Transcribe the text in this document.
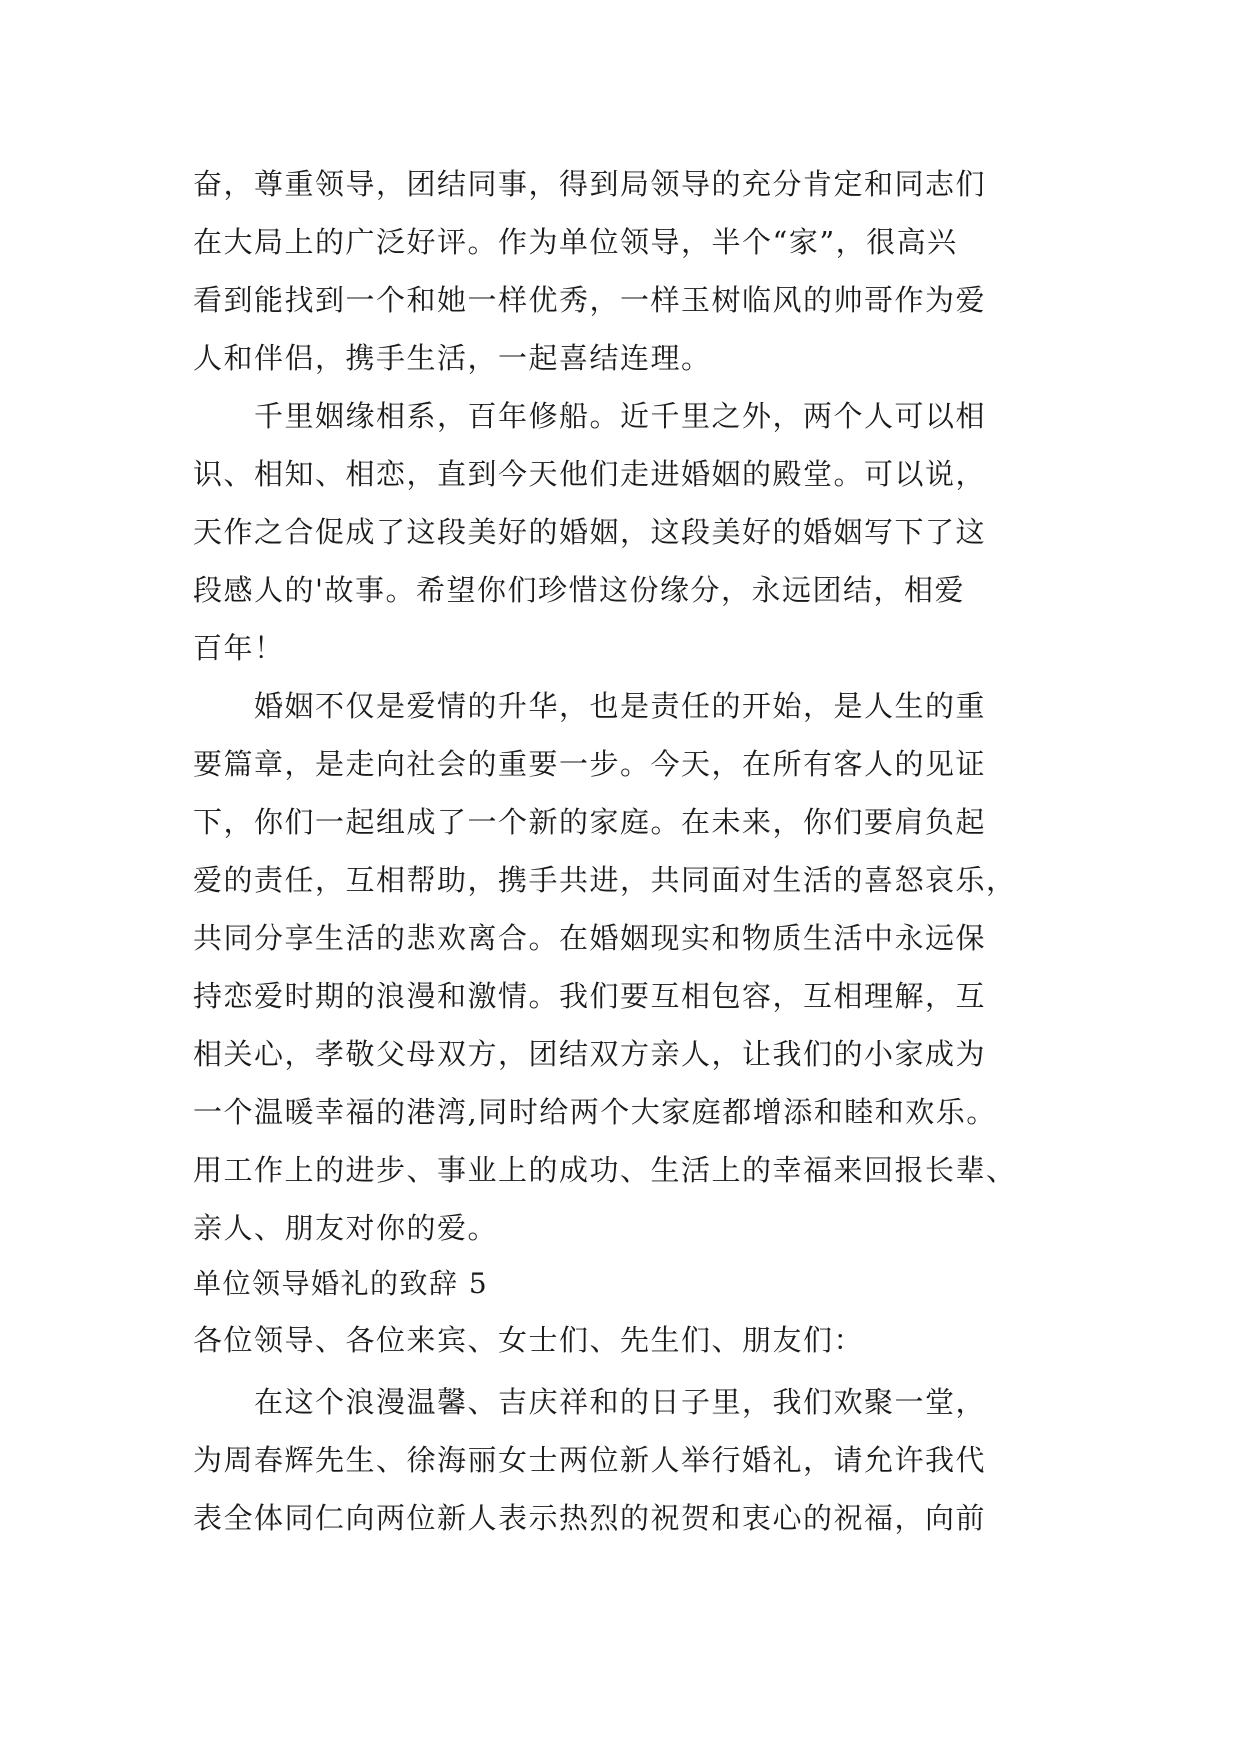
奋，尊重领导，团结同事，得到局领导的充分肯定和同志们
在大局上的广泛好评。作为单位领导，半个“家”，很高兴
看到能找到一个和她一样优秀，一样玉树临风的帅哥作为爱
人和伴侣，携手生活，一起喜结连理。
　　千里姻缘相系，百年修船。近千里之外，两个人可以相
识、相知、相恋，直到今天他们走进婚姻的殿堂。可以说，
天作之合促成了这段美好的婚姻，这段美好的婚姻写下了这
段感人的'故事。希望你们珍惜这份缘分，永远团结，相爱
百年！
　　婚姻不仅是爱情的升华，也是责任的开始，是人生的重
要篇章，是走向社会的重要一步。今天，在所有客人的见证
下，你们一起组成了一个新的家庭。在未来，你们要肩负起
爱的责任，互相帮助，携手共进，共同面对生活的喜怒哀乐，
共同分享生活的悲欢离合。在婚姻现实和物质生活中永远保
持恋爱时期的浪漫和激情。我们要互相包容，互相理解，互
相关心，孝敬父母双方，团结双方亲人，让我们的小家成为
一个温暖幸福的港湾,同时给两个大家庭都增添和睦和欢乐。
用工作上的进步、事业上的成功、生活上的幸福来回报长辈、
亲人、朋友对你的爱。
单位领导婚礼的致辞 5
各位领导、各位来宾、女士们、先生们、朋友们：
　　在这个浪漫温馨、吉庆祥和的日子里，我们欢聚一堂，
为周春辉先生、徐海丽女士两位新人举行婚礼，请允许我代
表全体同仁向两位新人表示热烈的祝贺和衷心的祝福，向前
